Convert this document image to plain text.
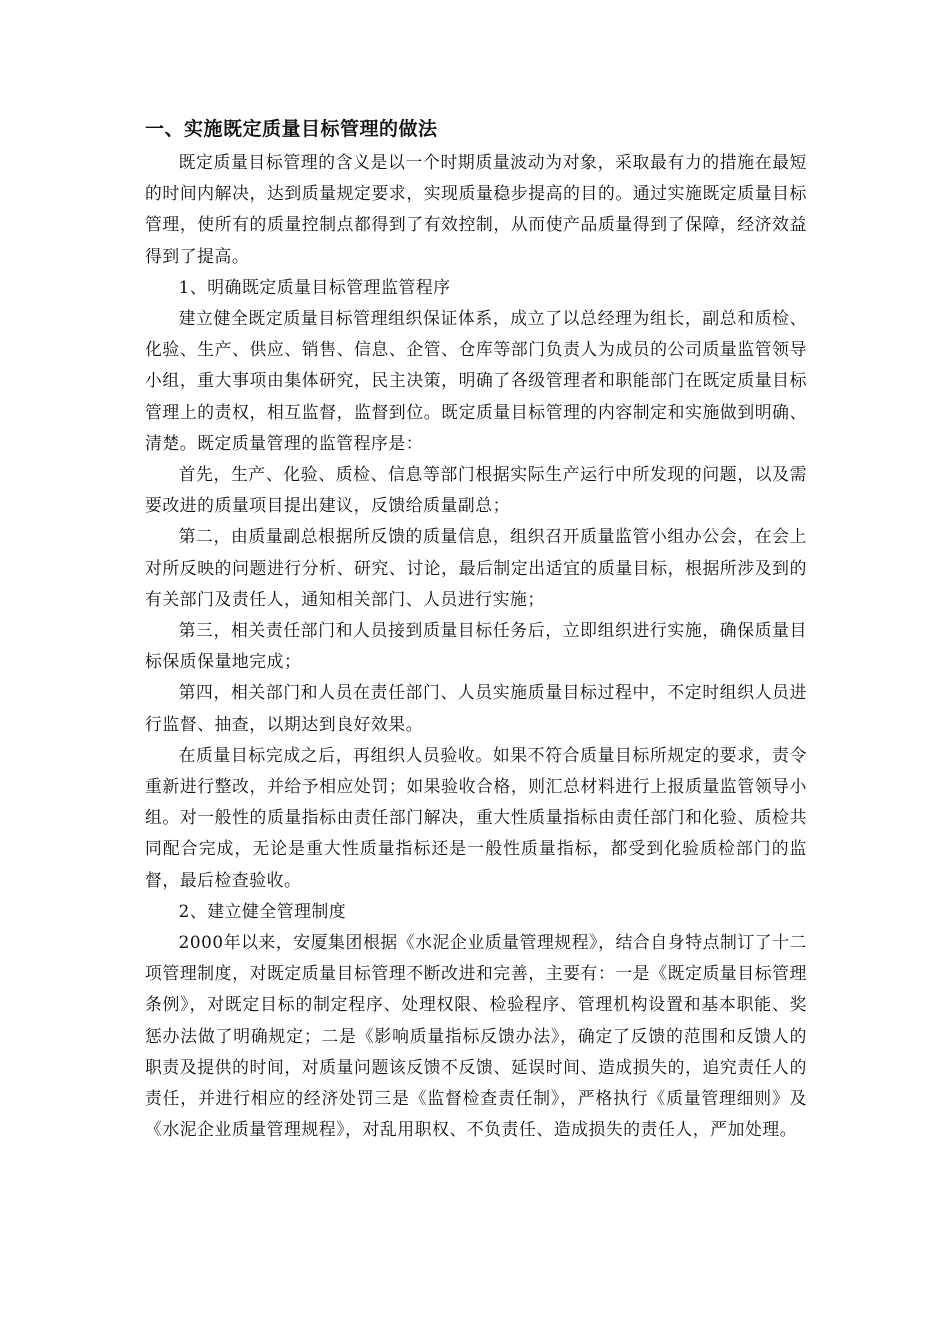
一、实施既定质量目标管理的做法

既定质量目标管理的含义是以一个时期质量波动为对象，采取最有力的措施在最短的时间内解决，达到质量规定要求，实现质量稳步提高的目的。通过实施既定质量目标管理，使所有的质量控制点都得到了有效控制，从而使产品质量得到了保障，经济效益得到了提高。

1、明确既定质量目标管理监管程序

建立健全既定质量目标管理组织保证体系，成立了以总经理为组长，副总和质检、化验、生产、供应、销售、信息、企管、仓库等部门负责人为成员的公司质量监管领导小组，重大事项由集体研究，民主决策，明确了各级管理者和职能部门在既定质量目标管理上的责权，相互监督，监督到位。既定质量目标管理的内容制定和实施做到明确、清楚。既定质量管理的监管程序是：

首先，生产、化验、质检、信息等部门根据实际生产运行中所发现的问题，以及需要改进的质量项目提出建议，反馈给质量副总；

第二，由质量副总根据所反馈的质量信息，组织召开质量监管小组办公会，在会上对所反映的问题进行分析、研究、讨论，最后制定出适宜的质量目标，根据所涉及到的有关部门及责任人，通知相关部门、人员进行实施；

第三，相关责任部门和人员接到质量目标任务后，立即组织进行实施，确保质量目标保质保量地完成；

第四，相关部门和人员在责任部门、人员实施质量目标过程中，不定时组织人员进行监督、抽查，以期达到良好效果。

在质量目标完成之后，再组织人员验收。如果不符合质量目标所规定的要求，责令重新进行整改，并给予相应处罚；如果验收合格，则汇总材料进行上报质量监管领导小组。对一般性的质量指标由责任部门解决，重大性质量指标由责任部门和化验、质检共同配合完成，无论是重大性质量指标还是一般性质量指标，都受到化验质检部门的监督，最后检查验收。

2、建立健全管理制度

2000年以来，安厦集团根据《水泥企业质量管理规程》，结合自身特点制订了十二项管理制度，对既定质量目标管理不断改进和完善，主要有：一是《既定质量目标管理条例》，对既定目标的制定程序、处理权限、检验程序、管理机构设置和基本职能、奖惩办法做了明确规定；二是《影响质量指标反馈办法》，确定了反馈的范围和反馈人的职责及提供的时间，对质量问题该反馈不反馈、延误时间、造成损失的，追究责任人的责任，并进行相应的经济处罚三是《监督检查责任制》，严格执行《质量管理细则》及《水泥企业质量管理规程》，对乱用职权、不负责任、造成损失的责任人，严加处理。
